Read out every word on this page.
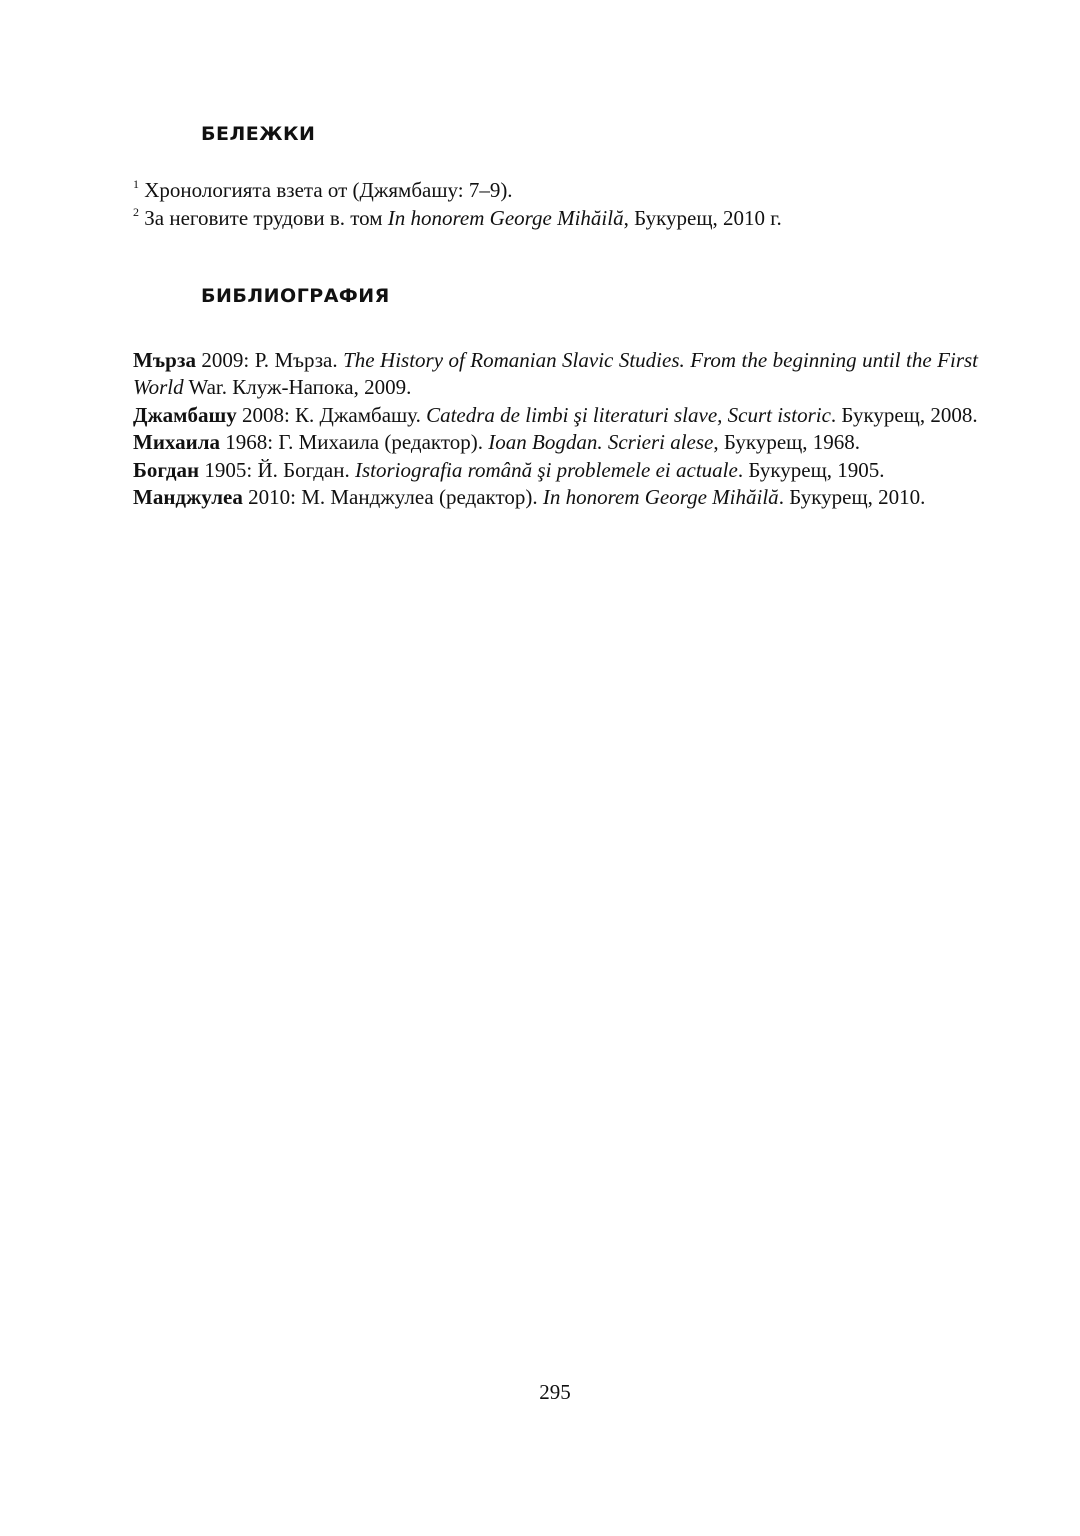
БЕЛЕЖКИ
$^1$ Хронологията взета от (Джямбашу: 7–9).
$^2$ За неговите трудови в. том In honorem George Mihăilă, Букурещ, 2010 г.
БИБЛИОГРАФИЯ

Мързa 2009: Р. Мързa. The History of Romanian Slavic Studies. From the beginning until the First World War. Клуж-Напока, 2009.

Джамбашу 2008: К. Джамбашу. Catedra de limbi şi literaturi slave, Scurt istoric. Букурещ, 2008.

Михаила 1968: Г. Михаила (редактор). Ioan Bogdan. Scrieri alese, Букурещ, 1968.

Богдан 1905: Й. Богдан. Istoriografia română şi problemele ei actuale. Букурещ, 1905.

Манджулеа 2010: М. Манджулеа (редактор). In honorem George Mihăilă. Букурещ, 2010.

295
